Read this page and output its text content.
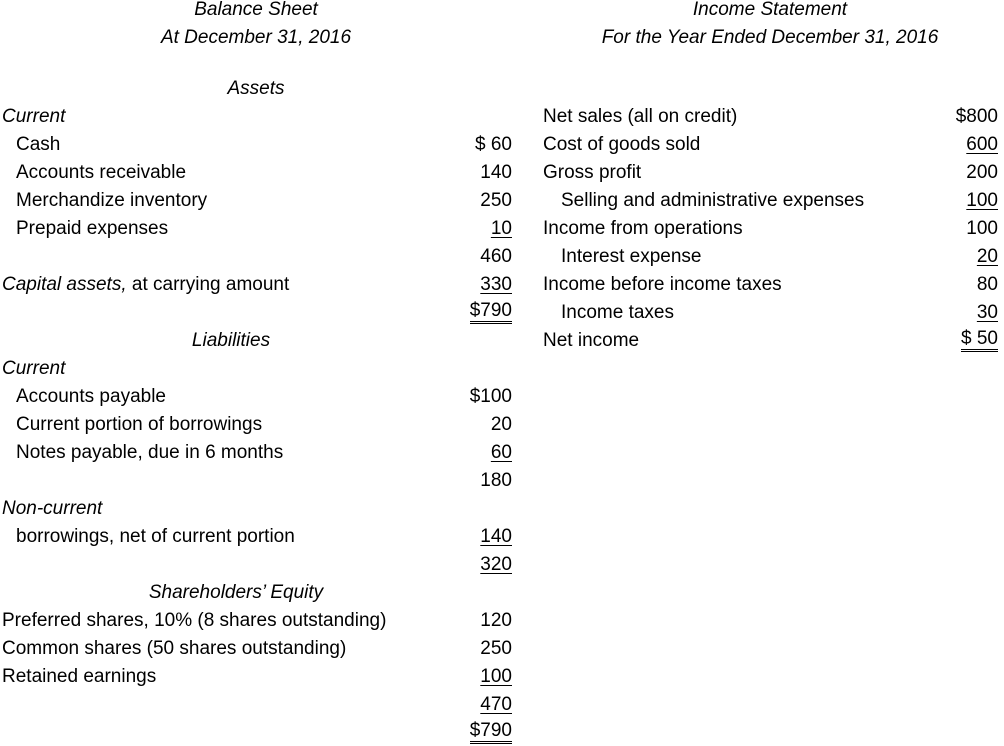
Balance Sheet
At December 31, 2016
Assets
Current
Cash	$ 60
Accounts receivable	140
Merchandize inventory	250
Prepaid expenses	10
460
Capital assets, at carrying amount	330
$790
Liabilities
Current
Accounts payable	$100
Current portion of borrowings	20
Notes payable, due in 6 months	60
180
Non-current
borrowings, net of current portion	140
320
Shareholders’ Equity
Preferred shares, 10% (8 shares outstanding)	120
Common shares (50 shares outstanding)	250
Retained earnings	100
470
$790
Income Statement
For the Year Ended December 31, 2016
Net sales (all on credit)	$800
Cost of goods sold	600
Gross profit	200
Selling and administrative expenses	100
Income from operations	100
Interest expense	20
Income before income taxes	80
Income taxes	30
Net income	$ 50
